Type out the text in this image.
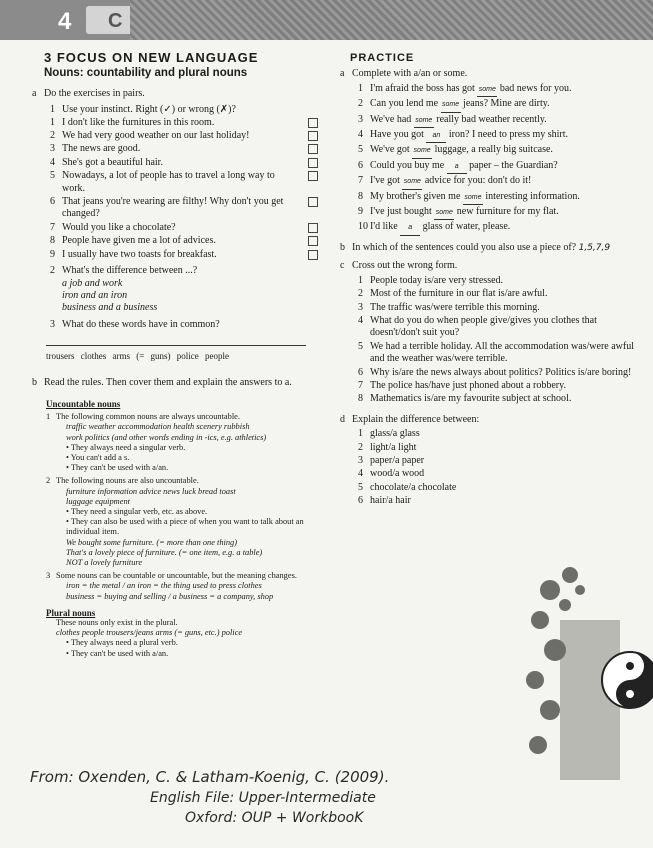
4 C
3 FOCUS ON NEW LANGUAGE
Nouns: countability and plural nouns
a Do the exercises in pairs.
1 Use your instinct. Right (✓) or wrong (✗)?
1 I don't like the furnitures in this room.
2 We had very good weather on our last holiday!
3 The news are good.
4 She's got a beautiful hair.
5 Nowadays, a lot of people has to travel a long way to work.
6 That jeans you're wearing are filthy! Why don't you get changed?
7 Would you like a chocolate?
8 People have given me a lot of advices.
9 I usually have two toasts for breakfast.
2 What's the difference between ...?
a job and work
iron and an iron
business and a business
3 What do these words have in common?
trousers clothes arms (= guns) police people
b Read the rules. Then cover them and explain the answers to a.
Uncountable nouns
1 The following common nouns are always uncountable.
traffic weather accommodation health scenery rubbish
work politics (and other words ending in -ics, e.g. athletics)
• They always need a singular verb.
• You can't add a s.
• They can't be used with a/an.
2 The following nouns are also uncountable.
furniture information advice news luck bread toast
luggage equipment
• They need a singular verb, etc. as above.
• They can also be used with a piece of when you want to talk about an individual item.
We bought some furniture. (= more than one thing)
That's a lovely piece of furniture. (= one item, e.g. a table)
NOT a lovely furniture
3 Some nouns can be countable or uncountable, but the meaning changes.
iron = the metal / an iron = the thing used to press clothes
business = buying and selling / a business = a company, shop
Plural nouns
These nouns only exist in the plural.
clothes people trousers/jeans arms (= guns, etc.) police
• They always need a plural verb.
• They can't be used with a/an.
PRACTICE
a Complete with a/an or some.
1 I'm afraid the boss has got some bad news for you.
2 Can you lend me some jeans? Mine are dirty.
3 We've had some really bad weather recently.
4 Have you got an iron? I need to press my shirt.
5 We've got some luggage, a really big suitcase.
6 Could you buy me a paper – the Guardian?
7 I've got some advice for you: don't do it!
8 My brother's given me some interesting information.
9 I've just bought some new furniture for my flat.
10 I'd like a glass of water, please.
b In which of the sentences could you also use a piece of? 1,5,7,9
c Cross out the wrong form.
1 People today is/are very stressed.
2 Most of the furniture in our flat is/are awful.
3 The traffic was/were terrible this morning.
4 What do you do when people give/gives you clothes that doesn't/don't suit you?
5 We had a terrible holiday. All the accommodation was/were awful and the weather was/were terrible.
6 Why is/are the news always about politics? Politics is/are boring!
7 The police has/have just phoned about a robbery.
8 Mathematics is/are my favourite subject at school.
d Explain the difference between:
1 glass/a glass
2 light/a light
3 paper/a paper
4 wood/a wood
5 chocolate/a chocolate
6 hair/a hair
From: Oxenden, C. & Latham-Koenig, C. (2009).
English File: Upper-Intermediate
Oxford: OUP + WorkbooK
